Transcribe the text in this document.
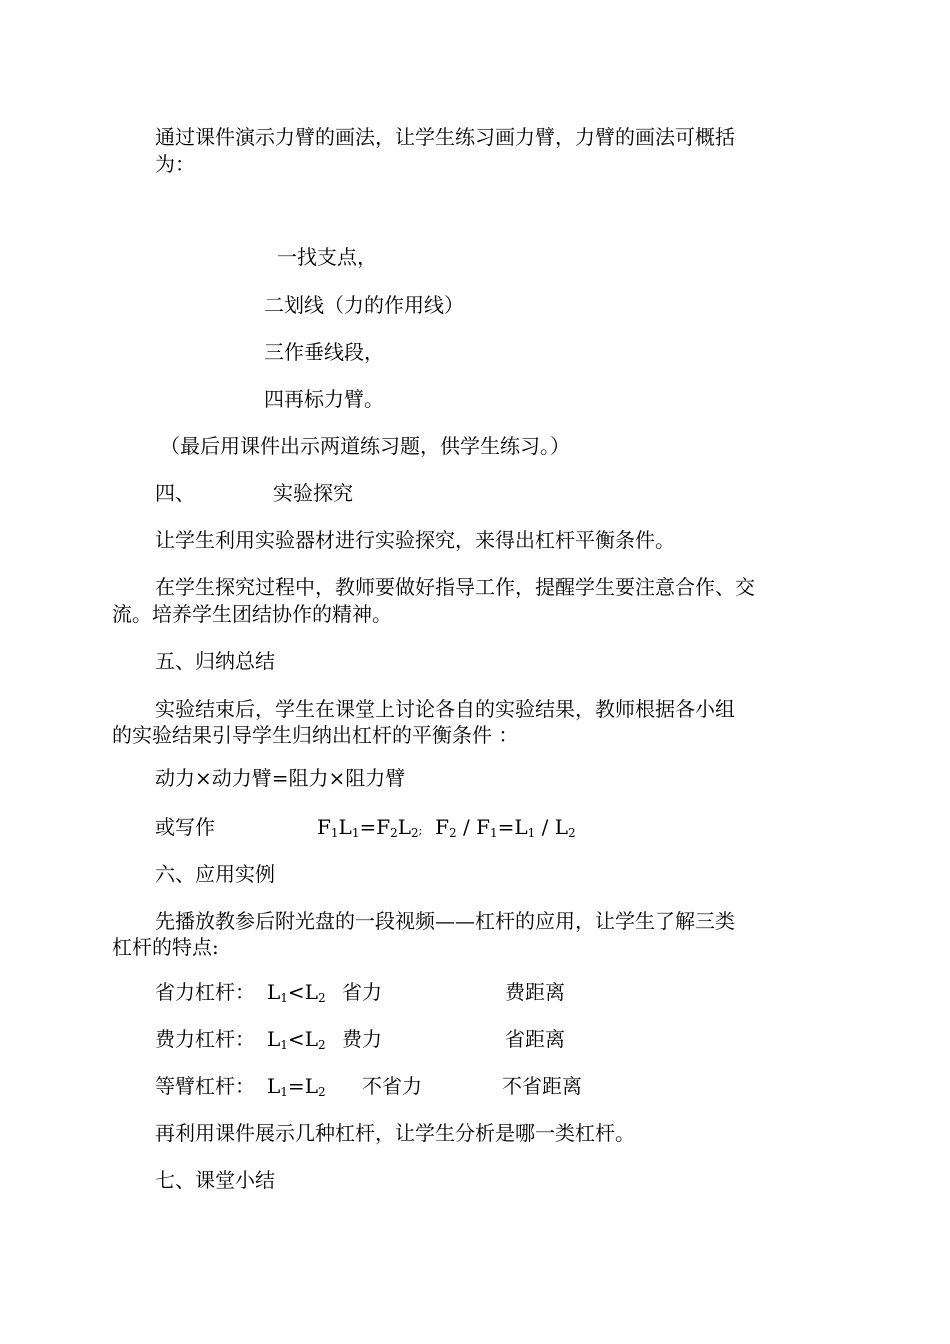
通过课件演示力臂的画法，让学生练习画力臂，力臂的画法可概括
为：
一找支点，
二划线（力的作用线）
三作垂线段，
四再标力臂。
（最后用课件出示两道练习题，供学生练习。）
四、	实验探究
让学生利用实验器材进行实验探究，来得出杠杆平衡条件。
在学生探究过程中，教师要做好指导工作，提醒学生要注意合作、交
流。培养学生团结协作的精神。
五、归纳总结
实验结束后，学生在课堂上讨论各自的实验结果，教师根据各小组
的实验结果引导学生归纳出杠杆的平衡条件 ：
动力×动力臂=阻力×阻力臂
或写作	$F_1L_1=F_2L_2$;  $F_2 / F_1=L_1 / L_2$
六、应用实例
先播放教参后附光盘的一段视频——杠杆的应用，让学生了解三类
杠杆的特点:
省力杠杆： $L_1<L_2$ 省力	费距离
费力杠杆： $L_1<L_2$ 费力	省距离
等臂杠杆： $L_1=L_2$ 不省力	不省距离
再利用课件展示几种杠杆，让学生分析是哪一类杠杆。
七、课堂小结
